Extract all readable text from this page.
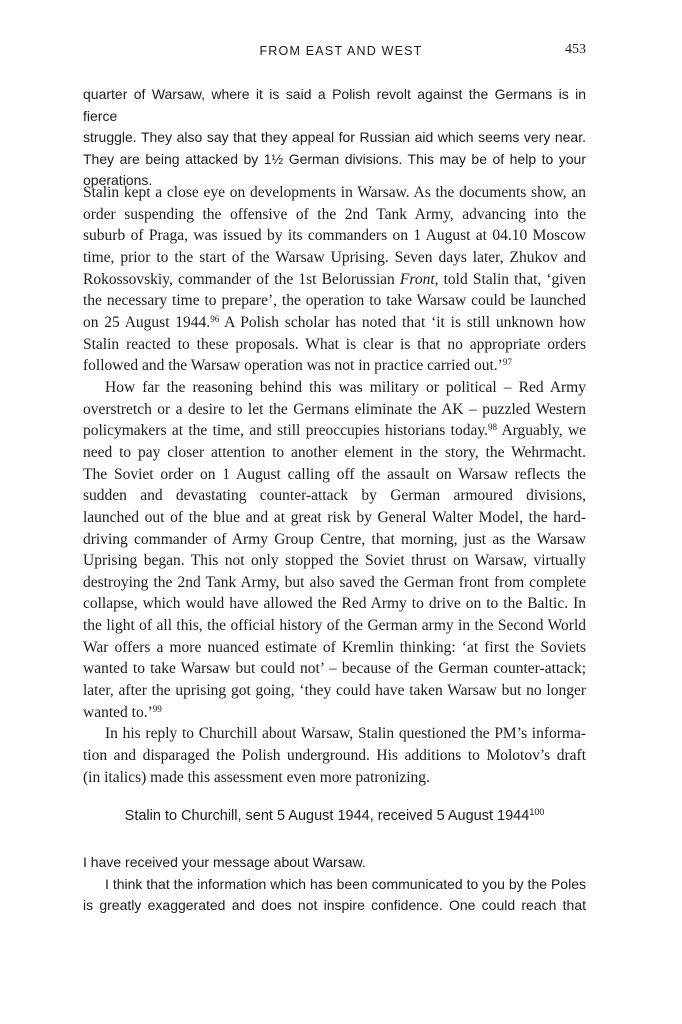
FROM EAST AND WEST	453

quarter of Warsaw, where it is said a Polish revolt against the Germans is in fierce
struggle. They also say that they appeal for Russian aid which seems very near.
They are being attacked by 1½ German divisions. This may be of help to your
operations.

Stalin kept a close eye on developments in Warsaw. As the documents show, an
order suspending the offensive of the 2nd Tank Army, advancing into the
suburb of Praga, was issued by its commanders on 1 August at 04.10 Moscow
time, prior to the start of the Warsaw Uprising. Seven days later, Zhukov and
Rokossovskiy, commander of the 1st Belorussian Front, told Stalin that, ‘given
the necessary time to prepare’, the operation to take Warsaw could be launched
on 25 August 1944.96 A Polish scholar has noted that ‘it is still unknown how
Stalin reacted to these proposals. What is clear is that no appropriate orders
followed and the Warsaw operation was not in practice carried out.’$^{97}$

How far the reasoning behind this was military or political – Red Army
overstretch or a desire to let the Germans eliminate the AK – puzzled Western
policymakers at the time, and still preoccupies historians today.$^{98}$ Arguably, we
need to pay closer attention to another element in the story, the Wehrmacht.
The Soviet order on 1 August calling off the assault on Warsaw reflects the
sudden and devastating counter-attack by German armoured divisions,
launched out of the blue and at great risk by General Walter Model, the hard-
driving commander of Army Group Centre, that morning, just as the Warsaw
Uprising began. This not only stopped the Soviet thrust on Warsaw, virtually
destroying the 2nd Tank Army, but also saved the German front from complete
collapse, which would have allowed the Red Army to drive on to the Baltic. In
the light of all this, the official history of the German army in the Second World
War offers a more nuanced estimate of Kremlin thinking: ‘at first the Soviets
wanted to take Warsaw but could not’ – because of the German counter-attack;
later, after the uprising got going, ‘they could have taken Warsaw but no longer
wanted to.’$^{99}$

In his reply to Churchill about Warsaw, Stalin questioned the PM’s informa-
tion and disparaged the Polish underground. His additions to Molotov’s draft
(in italics) made this assessment even more patronizing.

Stalin to Churchill, sent 5 August 1944, received 5 August 1944$^{100}$

I have received your message about Warsaw.
I think that the information which has been communicated to you by the Poles
is greatly exaggerated and does not inspire confidence. One could reach that
